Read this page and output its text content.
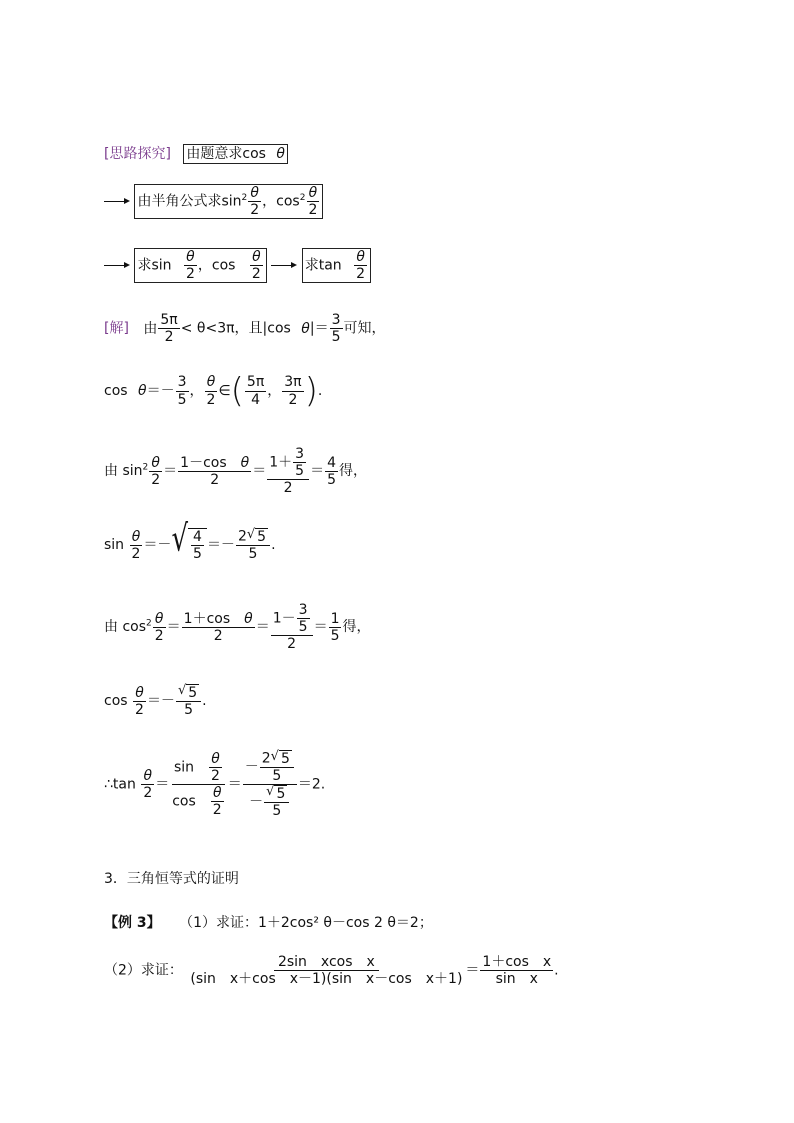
[思路探究] 由题意求cos θ
由半角公式求$\sin^2 \frac{\theta}{2}$ ，$\cos^2 \frac{\theta}{2}$
求$\sin \frac{\theta}{2}$ ，$\cos \frac{\theta}{2}$	求$\tan \frac{\theta}{2}$
[解] 由 $\frac{5\pi}{2} < \theta<3\pi$，且|cos $\theta|= \frac{3}{5}$ 可知，
$\cos \theta=- \frac{3}{5}$ ， $\frac{\theta}{2}$ ∈( $\frac{5\pi}{4}$ ， $\frac{3\pi}{2}$ ).
由 $\sin^2 \frac{\theta}{2} = \frac{\text{1－cos　 θ}}{2} = \frac{1+ \frac{3}{5}}{2} = \frac{4}{5}$ 得，
$\sin \frac{\theta}{2}$ ＝－ √ 4
5
＝－ $\frac{2 √ 5}{5}$ .
由 $\cos^2 \frac{\theta}{2} = \frac{\text{1＋cos　 θ}}{2} = \frac{1- \frac{3}{5}}{2} = \frac{1}{5}$ 得，
$\cos \frac{\theta}{2} =- \frac{√ 5}{5}$ .
∴tan $\frac{\theta}{2} = \frac{\sin \frac{\theta}{2}}{\cos \frac{\theta}{2}} = \frac{- \frac{2 √ 5}{5}}{- \frac{√ 5}{5}} =2$.
3．三角恒等式的证明
【例 3】 （1）求证：1＋2cos² θ－cos 2 θ＝2；
（2）求证： $\frac{\text{2sin　xcos　x}}{\text{(sin　x＋cos　x－1)(sin　x－cos　x＋1)}} = \frac{\text{1＋cos　x}}{\text{sin　x}}$ .
